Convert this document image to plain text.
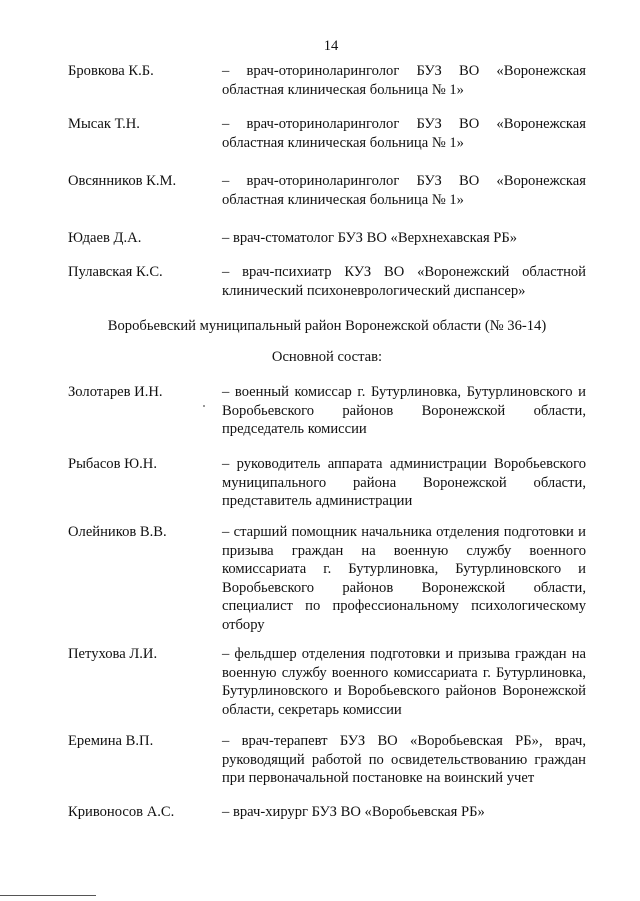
14
Бровкова К.Б.	– врач-оториноларинголог БУЗ ВО «Воронежская областная клиническая больница № 1»
Мысак Т.Н.	– врач-оториноларинголог БУЗ ВО «Воронежская областная клиническая больница № 1»
Овсянников К.М.	– врач-оториноларинголог БУЗ ВО «Воронежская областная клиническая больница № 1»
Юдаев Д.А.	– врач-стоматолог БУЗ ВО «Верхнехавская РБ»
Пулавская К.С.	– врач-психиатр КУЗ ВО «Воронежский областной клинический психоневрологический диспансер»
Воробьевский муниципальный район Воронежской области (№ 36-14)
Основной состав:
Золотарев И.Н.	– военный комиссар г. Бутурлиновка, Бутурлиновского и Воробьевского районов Воронежской области, председатель комиссии
Рыбасов Ю.Н.	– руководитель аппарата администрации Воробьевского муниципального района Воронежской области, представитель администрации
Олейников В.В.	– старший помощник начальника отделения подготовки и призыва граждан на военную службу военного комиссариата г. Бутурлиновка, Бутурлиновского и Воробьевского районов Воронежской области, специалист по профессиональному психологическому отбору
Петухова Л.И.	– фельдшер отделения подготовки и призыва граждан на военную службу военного комиссариата г. Бутурлиновка, Бутурлиновского и Воробьевского районов Воронежской области, секретарь комиссии
Еремина В.П.	– врач-терапевт БУЗ ВО «Воробьевская РБ», врач, руководящий работой по освидетельствованию граждан при первоначальной постановке на воинский учет
Кривоносов А.С.	– врач-хирург БУЗ ВО «Воробьевская РБ»
